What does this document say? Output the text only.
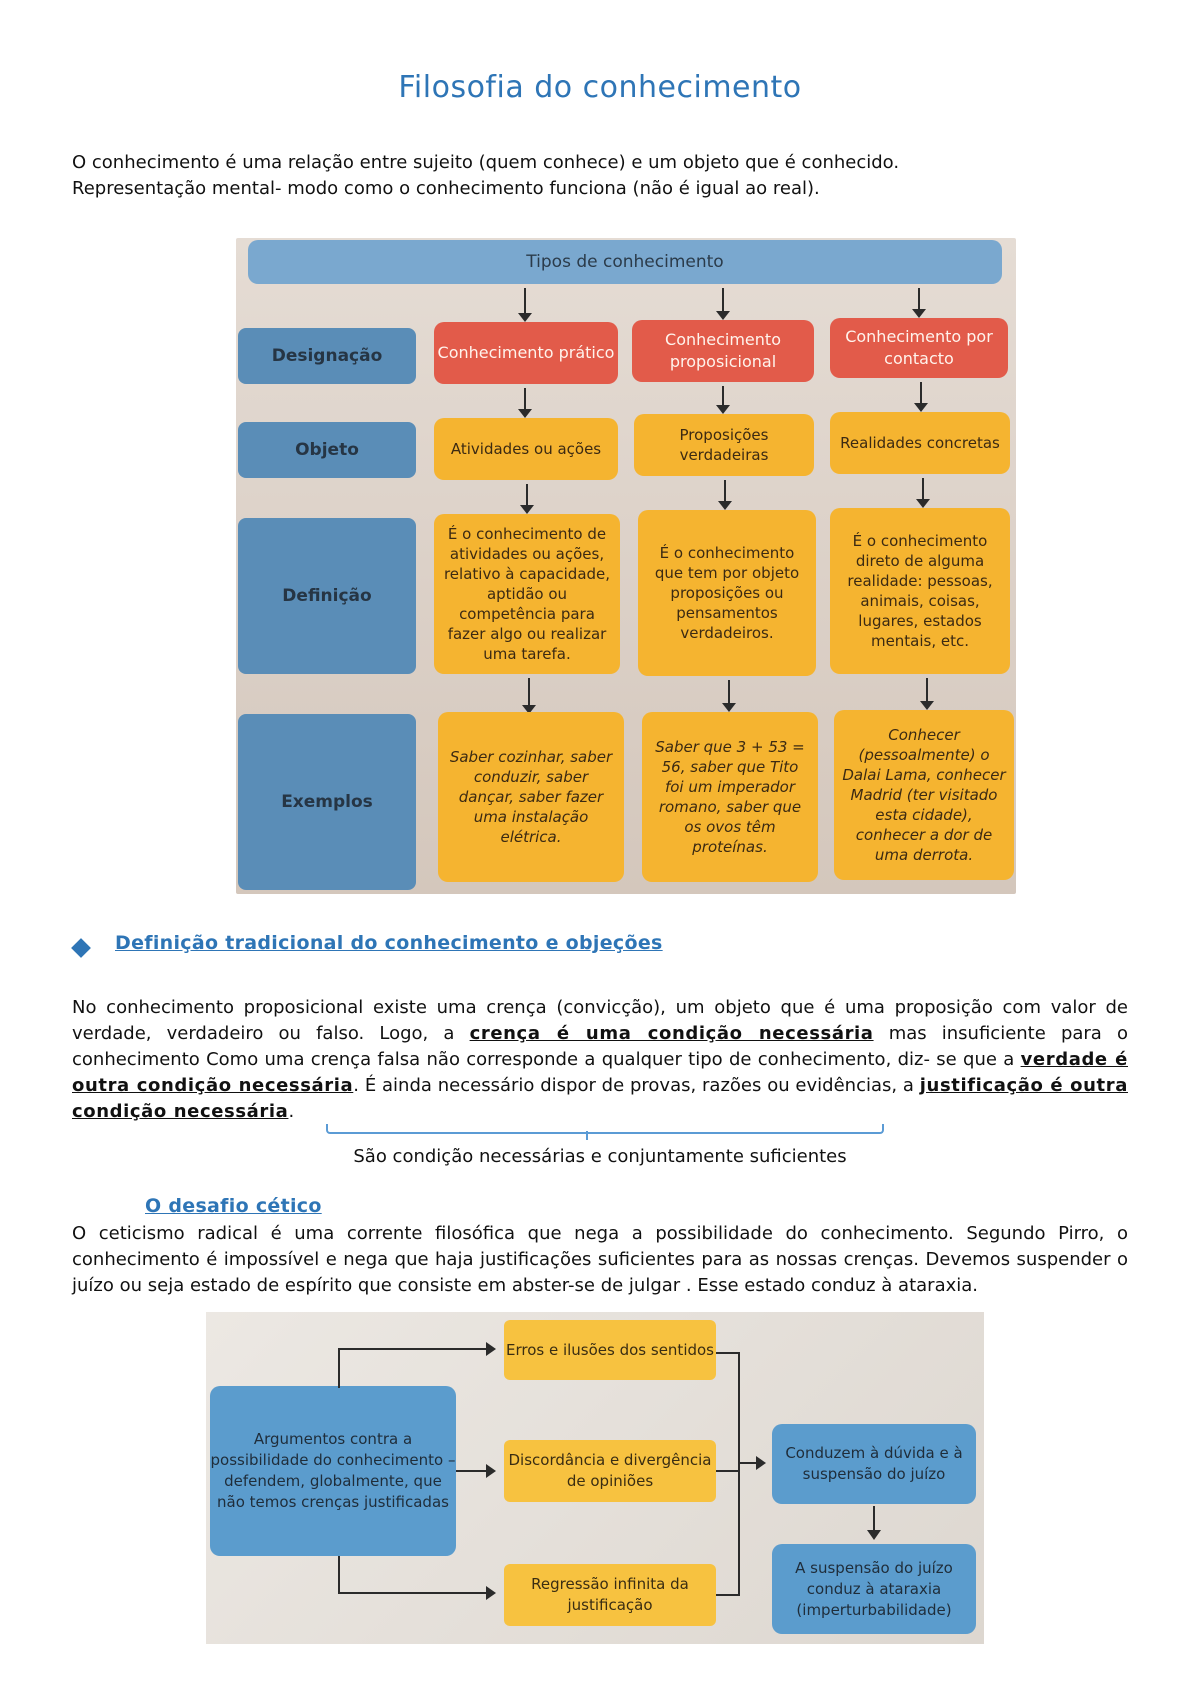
Filosofia do conhecimento
O conhecimento é uma relação entre sujeito (quem conhece) e um objeto que é conhecido.
Representação mental- modo como o conhecimento funciona (não é igual ao real).
Tipos de conhecimento
Designação
Objeto
Definição
Exemplos
Conhecimento prático
Atividades ou ações
É o conhecimento de atividades ou ações, relativo à capacidade, aptidão ou competência para fazer algo ou realizar uma tarefa.
Saber cozinhar, saber conduzir, saber dançar, saber fazer uma instalação elétrica.
Conhecimento proposicional
Proposições verdadeiras
É o conhecimento que tem por objeto proposições ou pensamentos verdadeiros.
Saber que 3 + 53 = 56, saber que Tito foi um imperador romano, saber que os ovos têm proteínas.
Conhecimento por contacto
Realidades concretas
É o conhecimento direto de alguma realidade: pessoas, animais, coisas, lugares, estados mentais, etc.
Conhecer (pessoalmente) o Dalai Lama, conhecer Madrid (ter visitado esta cidade), conhecer a dor de uma derrota.
Definição tradicional do conhecimento e objeções
No conhecimento proposicional existe uma crença (convicção), um objeto que é uma proposição com valor de verdade, verdadeiro ou falso. Logo, a crença é uma condição necessária mas insuficiente para o conhecimento Como uma crença falsa não corresponde a qualquer tipo de conhecimento, diz- se que a verdade é outra condição necessária. É ainda necessário dispor de provas, razões ou evidências, a justificação é outra condição necessária.
São condição necessárias e conjuntamente suficientes
O desafio cético
O ceticismo radical é uma corrente filosófica que nega a possibilidade do conhecimento. Segundo Pirro, o conhecimento é impossível e nega que haja justificações suficientes para as nossas crenças. Devemos suspender o juízo ou seja estado de espírito que consiste em abster-se de julgar . Esse estado conduz à ataraxia.
Argumentos contra a possibilidade do conhecimento – defendem, globalmente, que não temos crenças justificadas
Erros e ilusões dos sentidos
Discordância e divergência de opiniões
Regressão infinita da justificação
Conduzem à dúvida e à suspensão do juízo
A suspensão do juízo conduz à ataraxia (imperturbabilidade)
